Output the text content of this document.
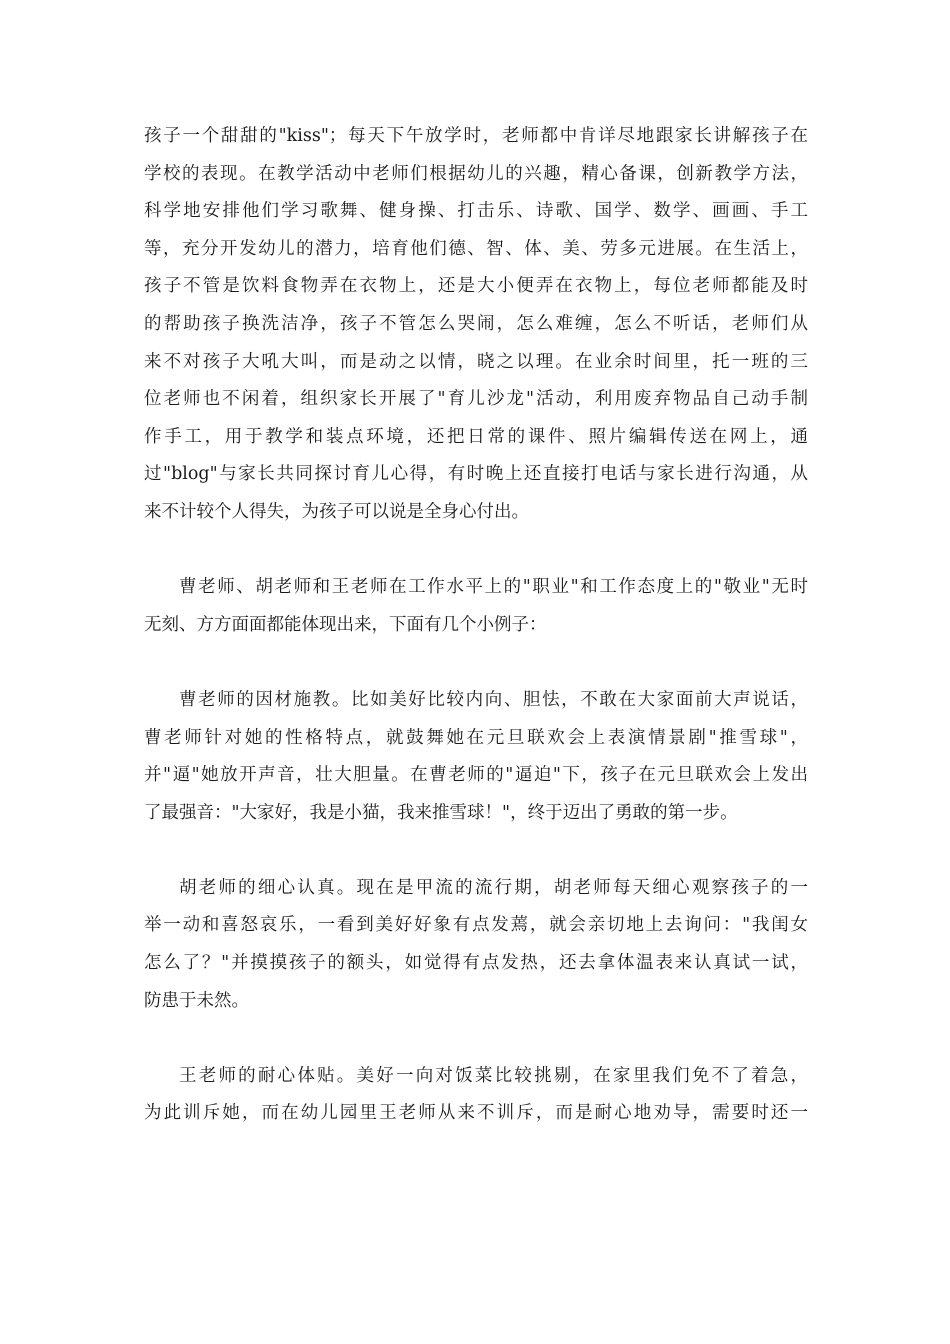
孩子一个甜甜的"kiss"；每天下午放学时，老师都中肯详尽地跟家长讲解孩子在
学校的表现。在教学活动中老师们根据幼儿的兴趣，精心备课，创新教学方法，
科学地安排他们学习歌舞、健身操、打击乐、诗歌、国学、数学、画画、手工
等，充分开发幼儿的潜力，培育他们德、智、体、美、劳多元进展。在生活上，
孩子不管是饮料食物弄在衣物上，还是大小便弄在衣物上，每位老师都能及时
的帮助孩子换洗洁净，孩子不管怎么哭闹，怎么难缠，怎么不听话，老师们从
来不对孩子大吼大叫，而是动之以情，晓之以理。在业余时间里，托一班的三
位老师也不闲着，组织家长开展了"育儿沙龙"活动，利用废弃物品自己动手制
作手工，用于教学和装点环境，还把日常的课件、照片编辑传送在网上，通
过"blog"与家长共同探讨育儿心得，有时晚上还直接打电话与家长进行沟通，从
来不计较个人得失，为孩子可以说是全身心付出。
曹老师、胡老师和王老师在工作水平上的"职业"和工作态度上的"敬业"无时
无刻、方方面面都能体现出来，下面有几个小例子：
曹老师的因材施教。比如美好比较内向、胆怯，不敢在大家面前大声说话，
曹老师针对她的性格特点，就鼓舞她在元旦联欢会上表演情景剧"推雪球"，
并"逼"她放开声音，壮大胆量。在曹老师的"逼迫"下，孩子在元旦联欢会上发出
了最强音："大家好，我是小猫，我来推雪球！"，终于迈出了勇敢的第一步。
胡老师的细心认真。现在是甲流的流行期，胡老师每天细心观察孩子的一
举一动和喜怒哀乐，一看到美好好象有点发蔫，就会亲切地上去询问："我闺女
怎么了？"并摸摸孩子的额头，如觉得有点发热，还去拿体温表来认真试一试，
防患于未然。
王老师的耐心体贴。美好一向对饭菜比较挑剔，在家里我们免不了着急，
为此训斥她，而在幼儿园里王老师从来不训斥，而是耐心地劝导，需要时还一
